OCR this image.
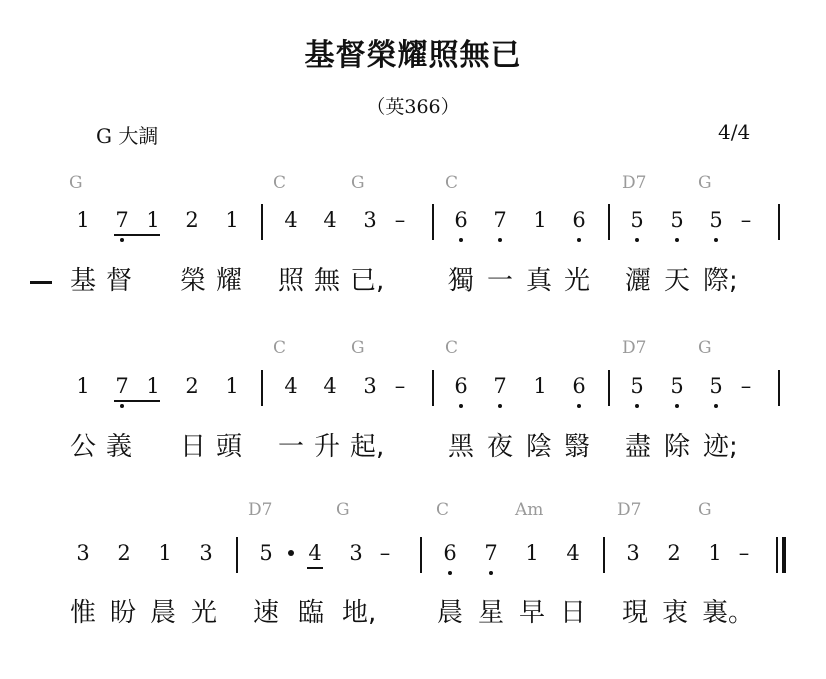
基督榮耀照無已
（英366）
G 大調	4/4
G	C	G	C	D7	G
1 7 1 2 1 4 4 3 – 6 7 1 6 5 5 5 –
基 督 榮 耀 照 無 已, 獨 一 真 光 灑 天 際;
C	G	C	D7	G
1 7 1 2 1 4 4 3 – 6 7 1 6 5 5 5 –
公 義 日 頭 一 升 起, 黑 夜 陰 翳 盡 除 迹;
D7	G	C	Am	D7	G
3 2 1 3 5 4 3 –	6 7 1 4 3 2 1 –
惟 盼 晨 光 速 臨 地, 晨 星 早 日 現 衷 裏。
